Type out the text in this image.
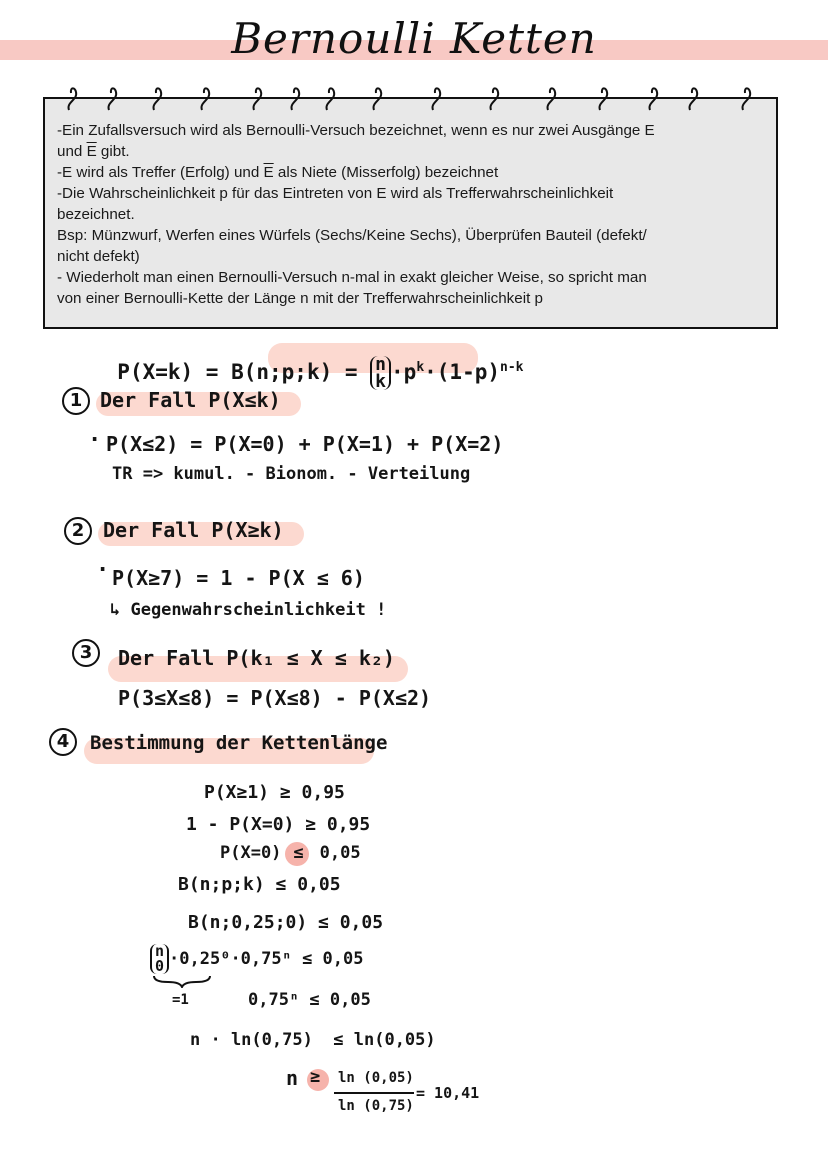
Bernoulli Ketten

-Ein Zufallsversuch wird als Bernoulli-Versuch bezeichnet, wenn es nur zwei Ausgänge E

und $\overline{E}$ gibt.

-E wird als Treffer (Erfolg) und $\overline{E}$ als Niete (Misserfolg) bezeichnet

-Die Wahrscheinlichkeit p für das Eintreten von E wird als Trefferwahrscheinlichkeit

bezeichnet.

Bsp: Münzwurf, Werfen eines Würfels (Sechs/Keine Sechs), Überprüfen Bauteil (defekt/

nicht defekt)

- Wiederholt man einen Bernoulli-Versuch n-mal in exakt gleicher Weise, so spricht man

von einer Bernoulli-Kette der Länge n mit der Trefferwahrscheinlichkeit p

P(X=k) = B(n;p;k) = n
$k \cdot p^k\cdot(1-p)^{n-k}$

1 Der Fall P(X≤k)
· P(X≤2) = P(X=0) + P(X=1) + P(X=2)
TR => kumul. - Bionom. - Verteilung
2 Der Fall P(X≥k)
· P(X≥7) = 1 - P(X ≤ 6)
↳ Gegenwahrscheinlichkeit !
3	Der Fall P(k₁ ≤ X ≤ k₂)
P(3≤X≤8) = P(X≤8) - P(X≤2)
4	Bestimmung der Kettenlänge
P(X≥1) ≥ 0,95
1 - P(X=0) ≥ 0,95
P(X=0) ≤ 0,05
B(n;p;k) ≤ 0,05
B(n;0,25;0) ≤ 0,05
n
0 ·0,25⁰·0,75ⁿ ≤ 0,05
=1	0,75ⁿ ≤ 0,05
n · ln(0,75)  ≤ ln(0,05)
n ≥ ln (0,05)
ln (0,75)
= 10,41
